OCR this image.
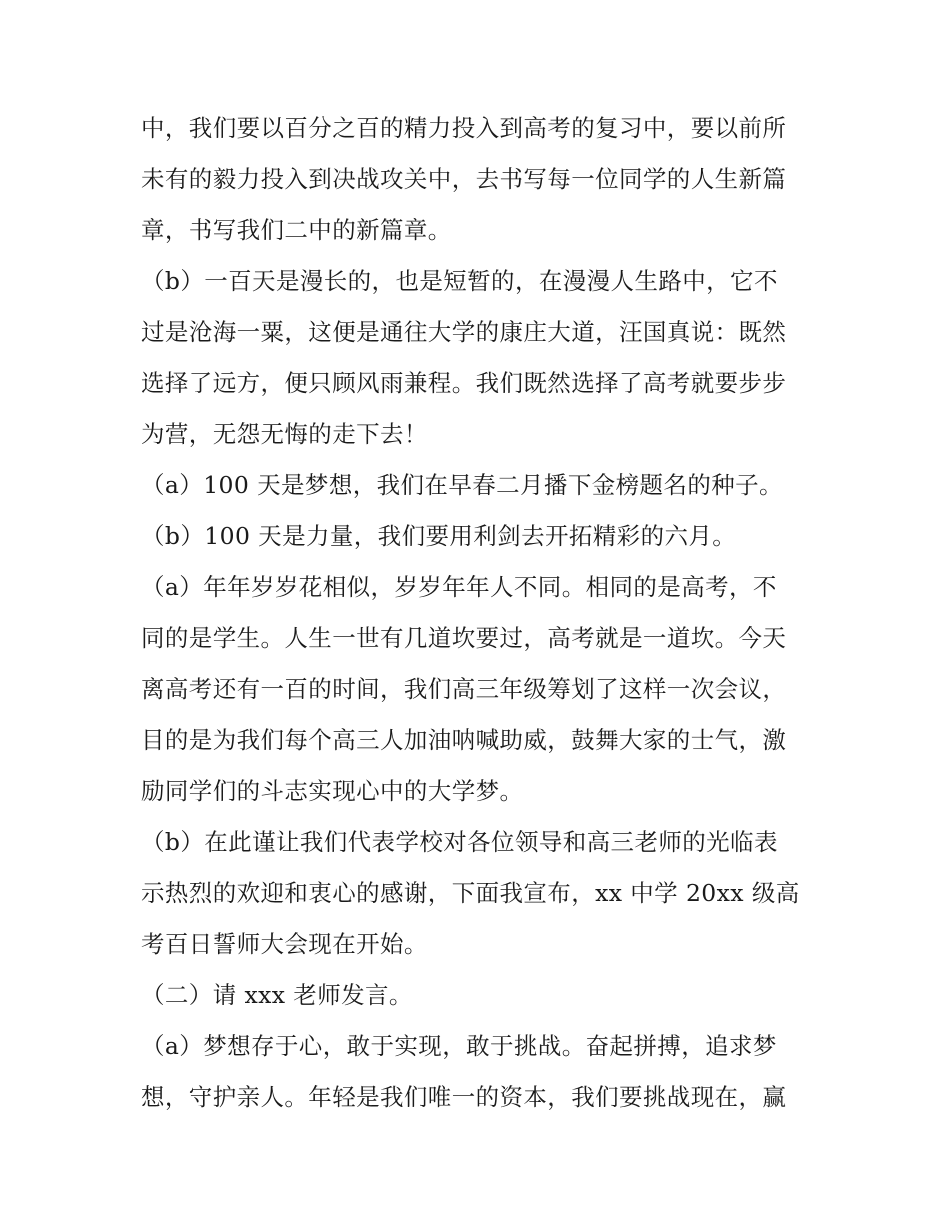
中，我们要以百分之百的精力投入到高考的复习中，要以前所
未有的毅力投入到决战攻关中，去书写每一位同学的人生新篇
章，书写我们二中的新篇章。
（b）一百天是漫长的，也是短暂的，在漫漫人生路中，它不
过是沧海一粟，这便是通往大学的康庄大道，汪国真说：既然
选择了远方，便只顾风雨兼程。我们既然选择了高考就要步步
为营，无怨无悔的走下去！
（a）100 天是梦想，我们在早春二月播下金榜题名的种子。
（b）100 天是力量，我们要用利剑去开拓精彩的六月。
（a）年年岁岁花相似，岁岁年年人不同。相同的是高考，不
同的是学生。人生一世有几道坎要过，高考就是一道坎。今天
离高考还有一百的时间，我们高三年级筹划了这样一次会议，
目的是为我们每个高三人加油呐喊助威，鼓舞大家的士气，激
励同学们的斗志实现心中的大学梦。
（b）在此谨让我们代表学校对各位领导和高三老师的光临表
示热烈的欢迎和衷心的感谢，下面我宣布，xx 中学 20xx 级高
考百日誓师大会现在开始。
（二）请 xxx 老师发言。
（a）梦想存于心，敢于实现，敢于挑战。奋起拼搏，追求梦
想，守护亲人。年轻是我们唯一的资本，我们要挑战现在，赢
